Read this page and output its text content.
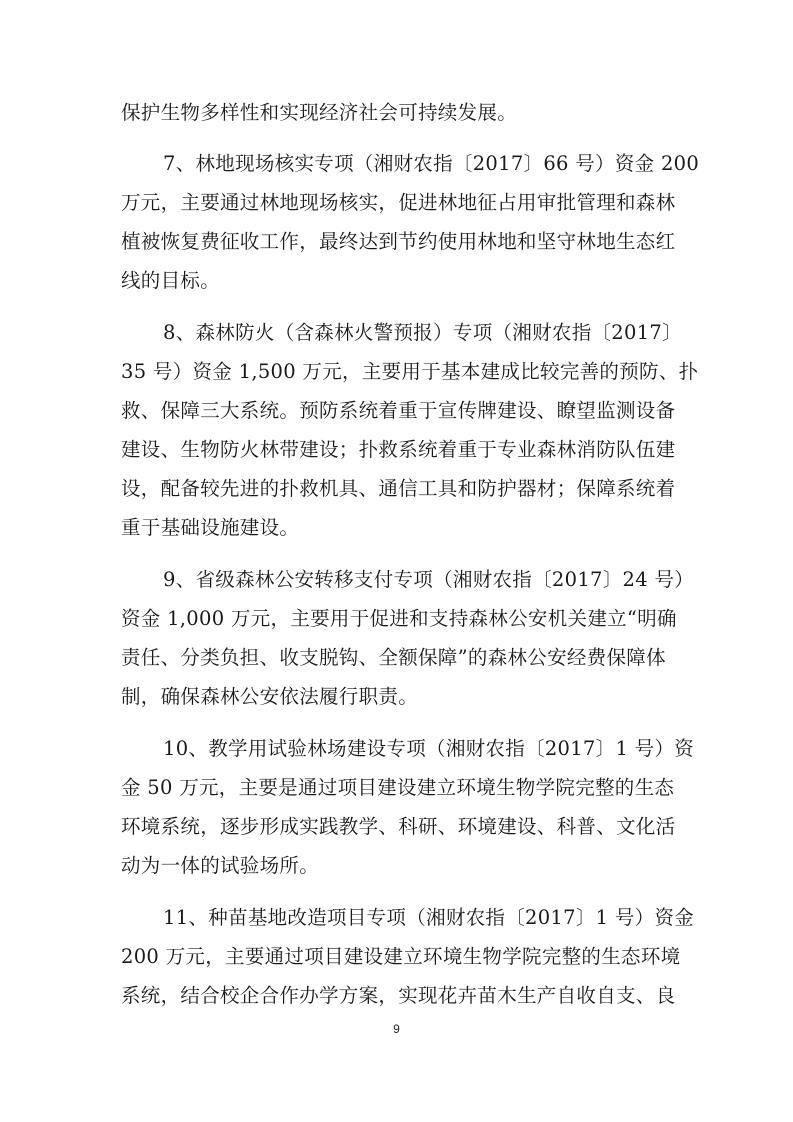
保护生物多样性和实现经济社会可持续发展。
7、林地现场核实专项（湘财农指〔2017〕66 号）资金 200
万元，主要通过林地现场核实，促进林地征占用审批管理和森林
植被恢复费征收工作，最终达到节约使用林地和坚守林地生态红
线的目标。
8、森林防火（含森林火警预报）专项（湘财农指〔2017〕
35 号）资金 1,500 万元，主要用于基本建成比较完善的预防、扑
救、保障三大系统。预防系统着重于宣传牌建设、瞭望监测设备
建设、生物防火林带建设；扑救系统着重于专业森林消防队伍建
设，配备较先进的扑救机具、通信工具和防护器材；保障系统着
重于基础设施建设。
9、省级森林公安转移支付专项（湘财农指〔2017〕24 号）
资金 1,000 万元，主要用于促进和支持森林公安机关建立“明确
责任、分类负担、收支脱钩、全额保障”的森林公安经费保障体
制，确保森林公安依法履行职责。
10、教学用试验林场建设专项（湘财农指〔2017〕1 号）资
金 50 万元，主要是通过项目建设建立环境生物学院完整的生态
环境系统，逐步形成实践教学、科研、环境建设、科普、文化活
动为一体的试验场所。
11、种苗基地改造项目专项（湘财农指〔2017〕1 号）资金
200 万元，主要通过项目建设建立环境生物学院完整的生态环境
系统，结合校企合作办学方案，实现花卉苗木生产自收自支、良
9
